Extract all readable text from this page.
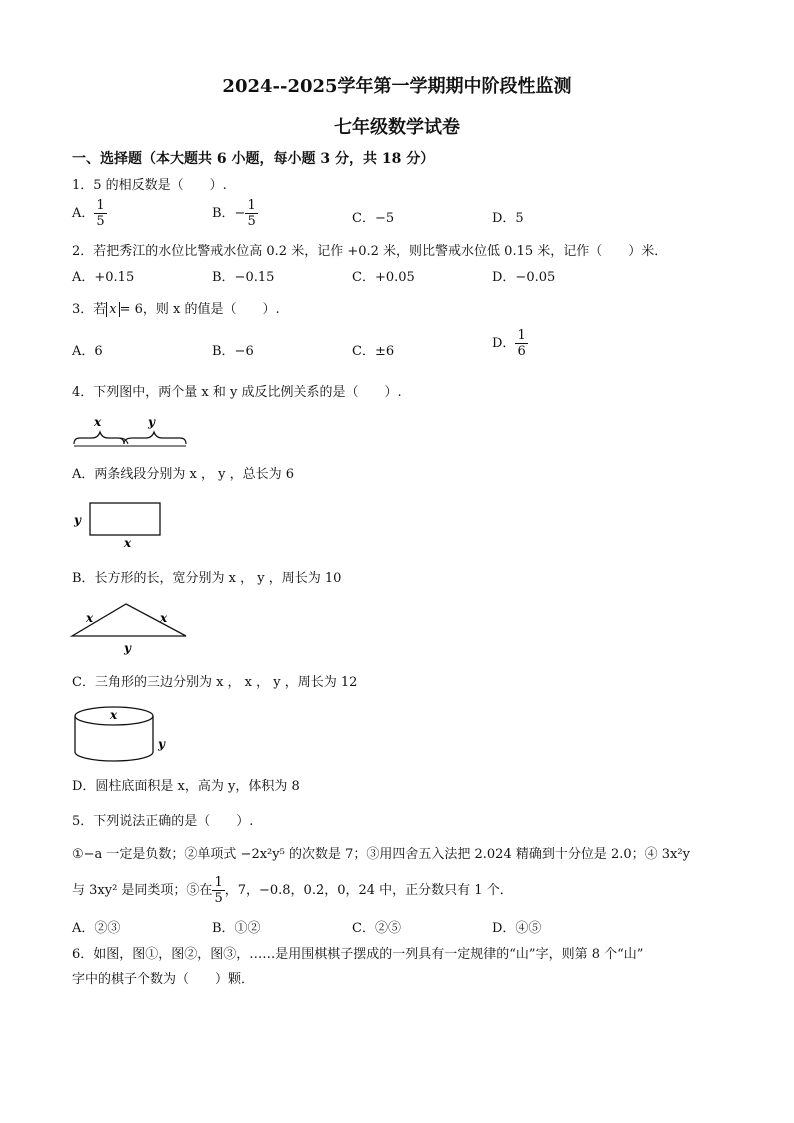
2024--2025学年第一学期期中阶段性监测
七年级数学试卷
一、选择题（本大题共 6 小题，每小题 3 分，共 18 分）
1．5 的相反数是（　　）.
A． $\frac{1}{5}$	B．− $\frac{1}{5}$	C．−5	D．5
2．若把秀江的水位比警戒水位高 0.2 米，记作 +0.2 米，则比警戒水位低 0.15 米，记作（　　）米．
A．+0.15	B．−0.15	C．+0.05	D．−0.05
3．若 x = 6，则 x 的值是（　　）.
A．6	B．−6	C．±6
D． $\frac{1}{6}$
4．下列图中，两个量 x 和 y 成反比例关系的是（　　）.
x	y
A．两条线段分别为 x ， y ，总长为 6
y
x
B．长方形的长，宽分别为 x ， y ，周长为 10
x	x
y
C．三角形的三边分别为 x ， x ， y ，周长为 12
x
y
D．圆柱底面积是 x，高为 y，体积为 8
5．下列说法正确的是（　　）.
①−a 一定是负数；②单项式 −2x²y⁵ 的次数是 7；③用四舍五入法把 2.024 精确到十分位是 2.0；④ 3x²y
与 3xy² 是同类项；⑤在 $\frac{1}{5}$ ，7，−0.8，0.2̇，0，24 中，正分数只有 1 个．
A．②③	B．①②	C．②⑤	D．④⑤
6．如图，图①，图②，图③，……是用围棋棋子摆成的一列具有一定规律的“山”字，则第 8 个“山”
字中的棋子个数为（　　）颗．
